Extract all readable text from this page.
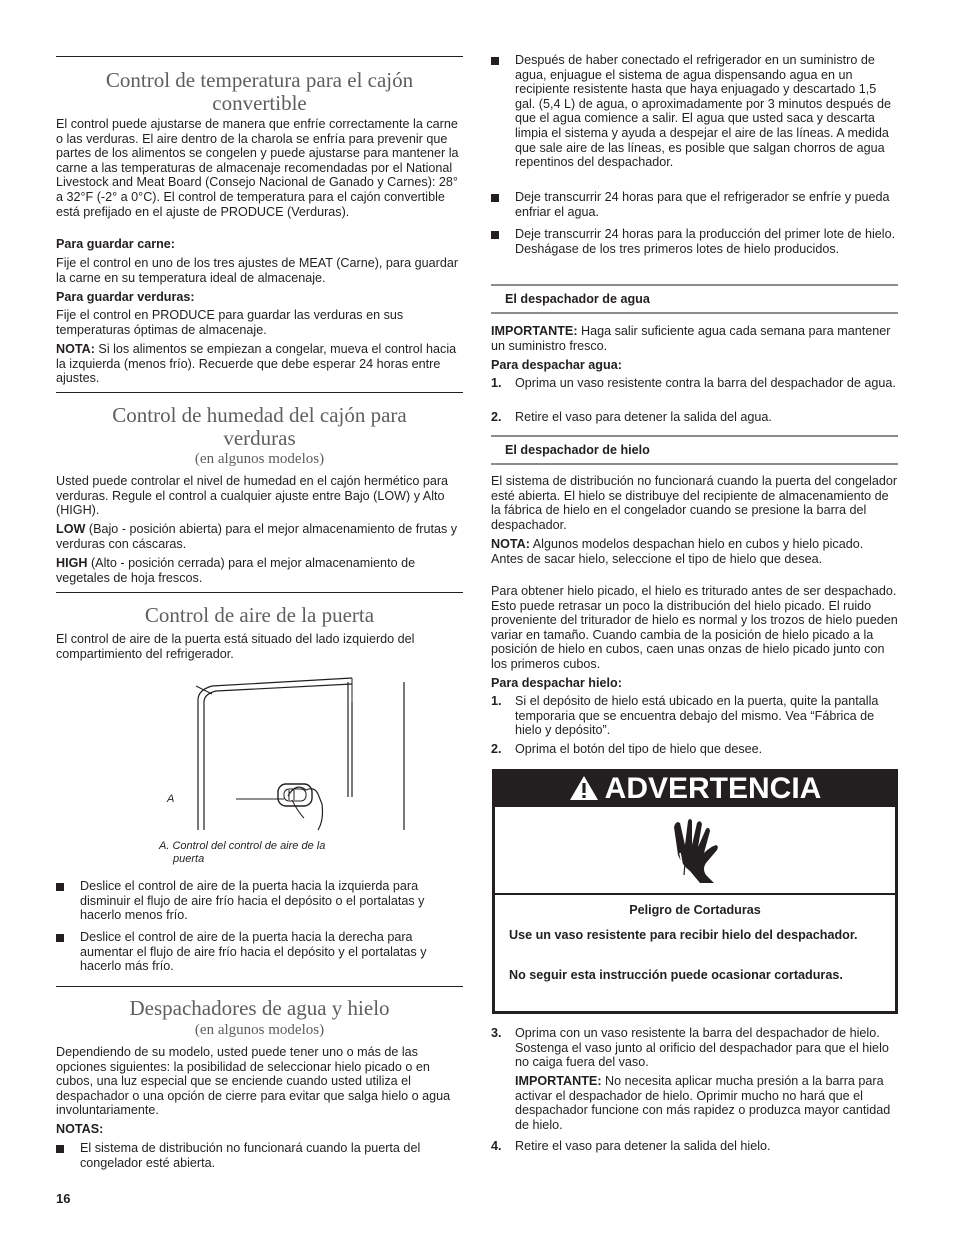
Control de temperatura para el cajón
convertible

El control puede ajustarse de manera que enfríe correctamente la carne o las verduras. El aire dentro de la charola se enfría para prevenir que partes de los alimentos se congelen y puede ajustarse para mantener la carne a las temperaturas de almacenaje recomendadas por el National Livestock and Meat Board (Consejo Nacional de Ganado y Carnes): 28° a 32°F (-2° a 0°C). El control de temperatura para el cajón convertible está prefijado en el ajuste de PRODUCE (Verduras).

Para guardar carne:

Fije el control en uno de los tres ajustes de MEAT (Carne), para guardar la carne en su temperatura ideal de almacenaje.

Para guardar verduras:

Fije el control en PRODUCE para guardar las verduras en sus temperaturas óptimas de almacenaje.

NOTA: Si los alimentos se empiezan a congelar, mueva el control hacia la izquierda (menos frío). Recuerde que debe esperar 24 horas entre ajustes.

Control de humedad del cajón para
verduras
(en algunos modelos)

Usted puede controlar el nivel de humedad en el cajón hermético para verduras. Regule el control a cualquier ajuste entre Bajo (LOW) y Alto (HIGH).

LOW (Bajo - posición abierta) para el mejor almacenamiento de frutas y verduras con cáscaras.

HIGH (Alto - posición cerrada) para el mejor almacenamiento de vegetales de hoja frescos.

Control de aire de la puerta

El control de aire de la puerta está situado del lado izquierdo del compartimiento del refrigerador.

A
A. Control del control de aire de la
puerta
Deslice el control de aire de la puerta hacia la izquierda para disminuir el flujo de aire frío hacia el depósito o el portalatas y hacerlo menos frío.
Deslice el control de aire de la puerta hacia la derecha para aumentar el flujo de aire frío hacia el depósito y el portalatas y hacerlo más frío.
Despachadores de agua y hielo
(en algunos modelos)

Dependiendo de su modelo, usted puede tener uno o más de las opciones siguientes: la posibilidad de seleccionar hielo picado o en cubos, una luz especial que se enciende cuando usted utiliza el despachador o una opción de cierre para evitar que salga hielo o agua involuntariamente.

NOTAS:

El sistema de distribución no funcionará cuando la puerta del congelador esté abierta.
Después de haber conectado el refrigerador en un suministro de agua, enjuague el sistema de agua dispensando agua en un recipiente resistente hasta que haya enjuagado y descartado 1,5 gal. (5,4 L) de agua, o aproximadamente por 3 minutos después de que el agua comience a salir. El agua que usted saca y descarta limpia el sistema y ayuda a despejar el aire de las líneas. A medida que sale aire de las líneas, es posible que salgan chorros de agua repentinos del despachador.
Deje transcurrir 24 horas para que el refrigerador se enfríe y pueda enfriar el agua.
Deje transcurrir 24 horas para la producción del primer lote de hielo. Deshágase de los tres primeros lotes de hielo producidos.
El despachador de agua

IMPORTANTE: Haga salir suficiente agua cada semana para mantener un suministro fresco.

Para despachar agua:

1. Oprima un vaso resistente contra la barra del despachador de agua.
2. Retire el vaso para detener la salida del agua.
El despachador de hielo

El sistema de distribución no funcionará cuando la puerta del congelador esté abierta. El hielo se distribuye del recipiente de almacenamiento de la fábrica de hielo en el congelador cuando se presione la barra del despachador.

NOTA: Algunos modelos despachan hielo en cubos y hielo picado. Antes de sacar hielo, seleccione el tipo de hielo que desea.

Para obtener hielo picado, el hielo es triturado antes de ser despachado. Esto puede retrasar un poco la distribución del hielo picado. El ruido proveniente del triturador de hielo es normal y los trozos de hielo pueden variar en tamaño. Cuando cambia de la posición de hielo picado a la posición de hielo en cubos, caen unas onzas de hielo picado junto con los primeros cubos.

Para despachar hielo:

1. Si el depósito de hielo está ubicado en la puerta, quite la pantalla temporaria que se encuentra debajo del mismo. Vea “Fábrica de hielo y depósito”.
2. Oprima el botón del tipo de hielo que desee.
3. Oprima con un vaso resistente la barra del despachador de hielo. Sostenga el vaso junto al orificio del despachador para que el hielo no caiga fuera del vaso.

IMPORTANTE: No necesita aplicar mucha presión a la barra para activar el despachador de hielo. Oprimir mucho no hará que el despachador funcione con más rapidez o produzca mayor cantidad de hielo.

4. Retire el vaso para detener la salida del hielo.
ADVERTENCIA
Peligro de Cortaduras
Use un vaso resistente para recibir hielo del despachador.
No seguir esta instrucción puede ocasionar cortaduras.
16
